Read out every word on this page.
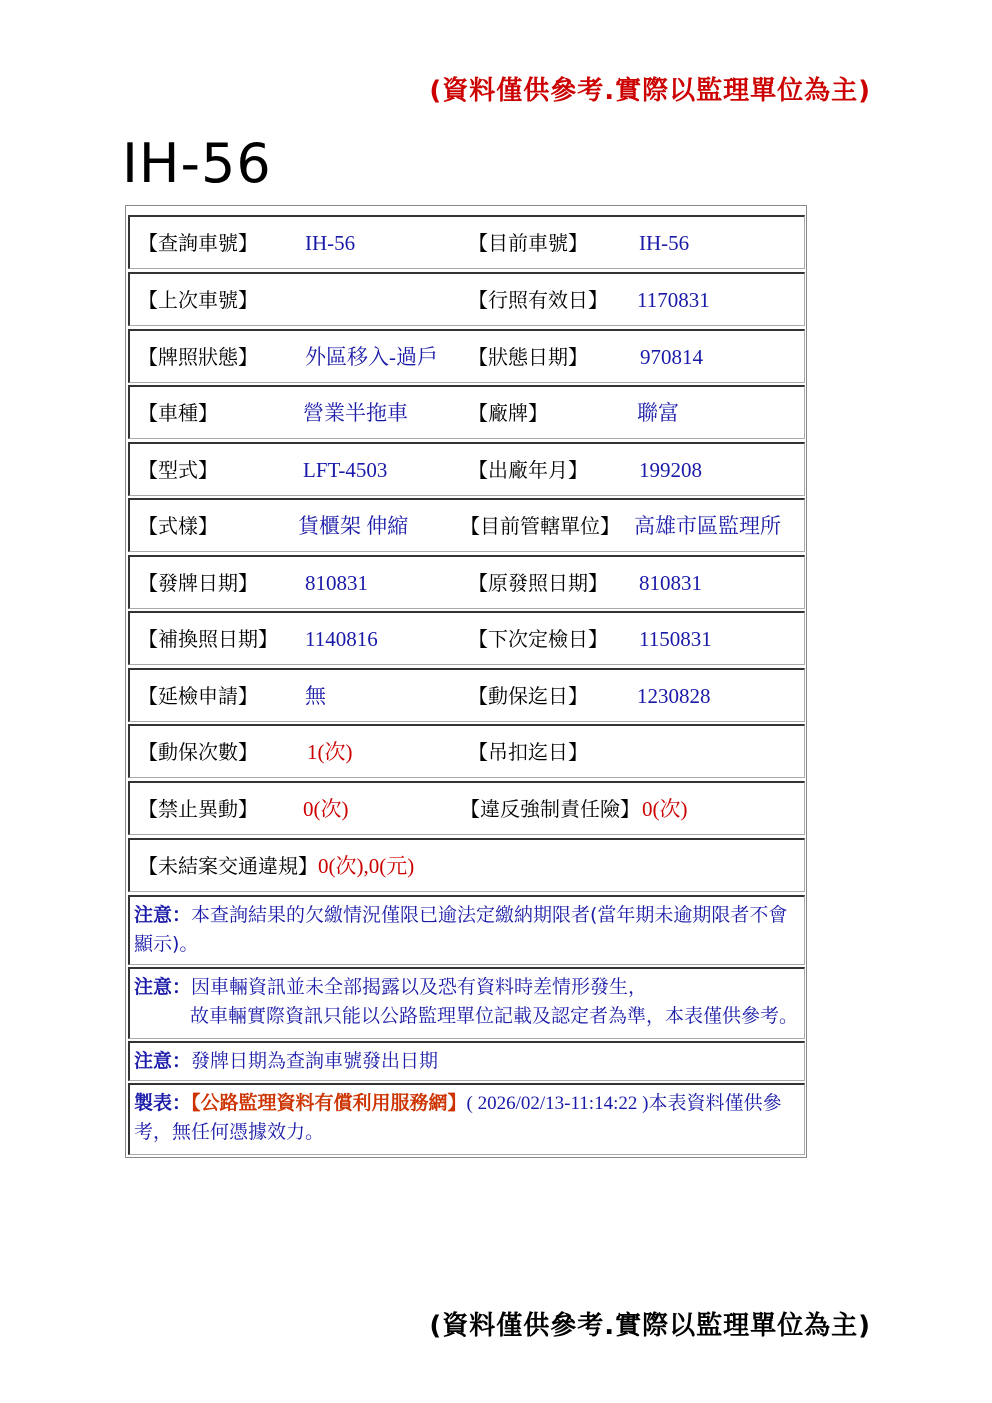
(資料僅供參考.實際以監理單位為主)
IH-56
【查詢車號】 IH-56	【目前車號】 IH-56
【上次車號】	【行照有效日】 1170831
【牌照狀態】 外區移入-過戶 【狀態日期】 970814
【車種】	營業半拖車	【廠牌】	聯富
【型式】	LFT-4503	【出廠年月】 199208
【式樣】	貨櫃架 伸縮	【目前管轄單位】 高雄市區監理所
【發牌日期】 810831	【原發照日期】 810831
【補換照日期】 1140816	【下次定檢日】 1150831
【延檢申請】 無	【動保迄日】 1230828
【動保次數】 1(次)	【吊扣迄日】
【禁止異動】 0(次)	【違反強制責任險】 0(次)
【未結案交通違規】 0(次),0(元)
注意：本查詢結果的欠繳情況僅限已逾法定繳納期限者(當年期未逾期限者不會顯示)。
注意：因車輛資訊並未全部揭露以及恐有資料時差情形發生，
故車輛實際資訊只能以公路監理單位記載及認定者為準，本表僅供參考。
注意：發牌日期為查詢車號發出日期
製表：【公路監理資料有償利用服務網】( 2026/02/13-11:14:22 )本表資料僅供參考，無任何憑據效力。
(資料僅供參考.實際以監理單位為主)
